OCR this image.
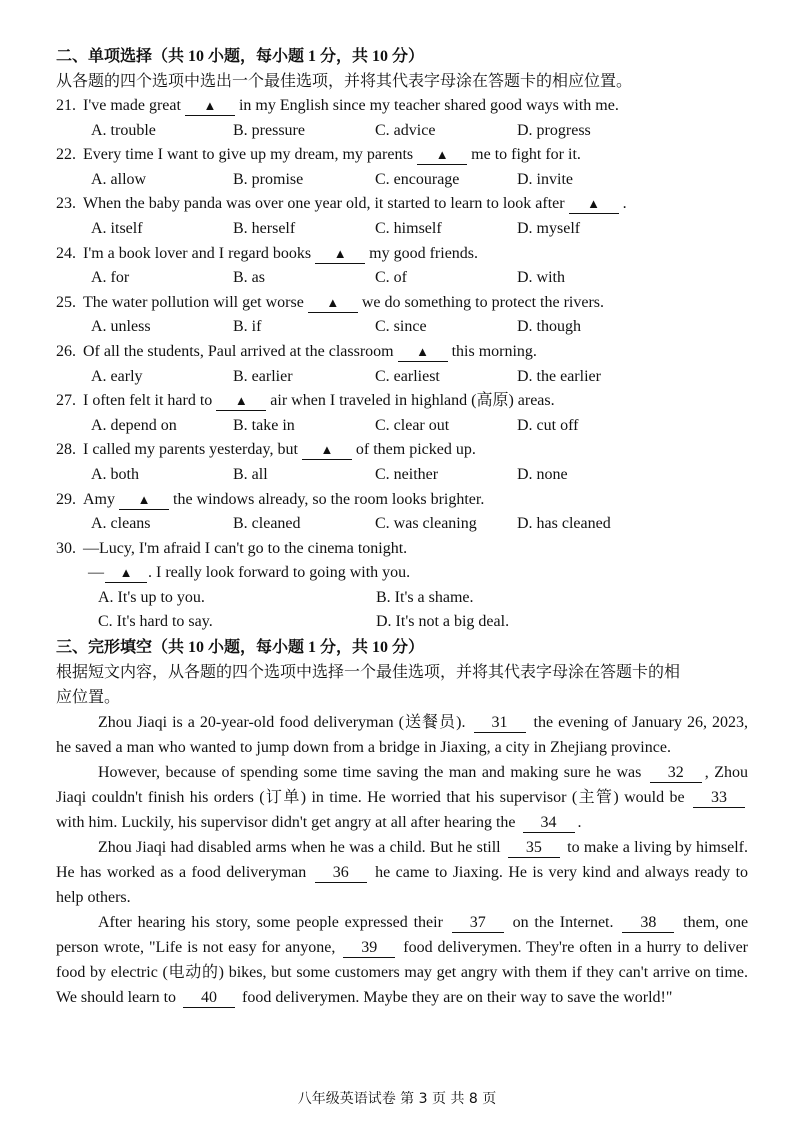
二、单项选择（共 10 小题，每小题 1 分，共 10 分）
从各题的四个选项中选出一个最佳选项，并将其代表字母涂在答题卡的相应位置。
21. I've made great ▲ in my English since my teacher shared good ways with me.
A. trouble	B. pressure	C. advice	D. progress
22. Every time I want to give up my dream, my parents ▲ me to fight for it.
A. allow	B. promise	C. encourage	D. invite
23. When the baby panda was over one year old, it started to learn to look after ▲ .
A. itself	B. herself	C. himself	D. myself
24. I'm a book lover and I regard books ▲ my good friends.
A. for	B. as	C. of	D. with
25. The water pollution will get worse ▲ we do something to protect the rivers.
A. unless	B. if	C. since	D. though
26. Of all the students, Paul arrived at the classroom ▲ this morning.
A. early	B. earlier	C. earliest	D. the earlier
27. I often felt it hard to ▲ air when I traveled in highland (高原) areas.
A. depend on	B. take in	C. clear out	D. cut off
28. I called my parents yesterday, but ▲ of them picked up.
A. both	B. all	C. neither	D. none
29. Amy ▲ the windows already, so the room looks brighter.
A. cleans	B. cleaned	C. was cleaning	D. has cleaned
30. —Lucy, I'm afraid I can't go to the cinema tonight.
— ▲ . I really look forward to going with you.
A. It's up to you.	B. It's a shame.
C. It's hard to say.	D. It's not a big deal.
三、完形填空（共 10 小题，每小题 1 分，共 10 分）
根据短文内容，从各题的四个选项中选择一个最佳选项，并将其代表字母涂在答题卡的相
应位置。

Zhou Jiaqi is a 20-year-old food deliveryman (送餐员). 31 the evening of January 26, 2023, he saved a man who wanted to jump down from a bridge in Jiaxing, a city in Zhejiang province.

However, because of spending some time saving the man and making sure he was 32 , Zhou Jiaqi couldn't finish his orders (订单) in time. He worried that his supervisor (主管) would be 33 with him. Luckily, his supervisor didn't get angry at all after hearing the 34 .

Zhou Jiaqi had disabled arms when he was a child. But he still 35 to make a living by himself. He has worked as a food deliveryman 36 he came to Jiaxing. He is very kind and always ready to help others.

After hearing his story, some people expressed their 37 on the Internet. 38 them, one person wrote, "Life is not easy for anyone, 39 food deliverymen. They're often in a hurry to deliver food by electric (电动的) bikes, but some customers may get angry with them if they can't arrive on time. We should learn to 40 food deliverymen. Maybe they are on their way to save the world!"

八年级英语试卷 第 3 页 共 8 页
